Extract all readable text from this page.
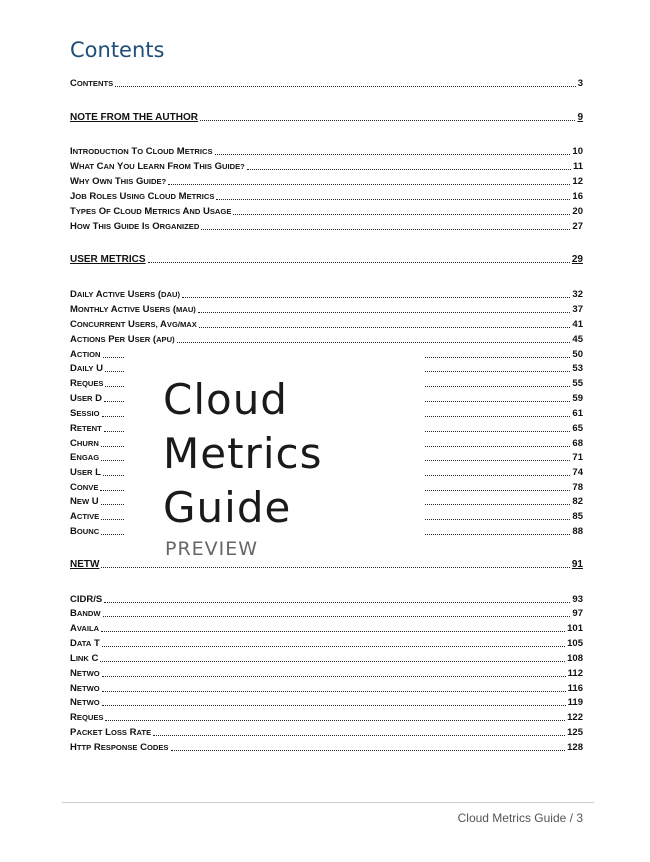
Contents
CONTENTS	3
NOTE FROM THE AUTHOR	9
INTRODUCTION TO CLOUD METRICS	10
WHAT CAN YOU LEARN FROM THIS GUIDE?	11
WHY OWN THIS GUIDE?	12
JOB ROLES USING CLOUD METRICS	16
TYPES OF CLOUD METRICS AND USAGE	20
HOW THIS GUIDE IS ORGANIZED	27
USER METRICS	29
DAILY ACTIVE USERS (DAU)	32
MONTHLY ACTIVE USERS (MAU)	37
CONCURRENT USERS, AVG/MAX	41
ACTIONS PER USER (APU)	45
ACTION	50
DAILY U	53
REQUES	55
USER D	59
SESSIO	61
RETENT	65
CHURN	68
ENGAG	71
USER L	74
CONVE	78
NEW U	82
ACTIVE	85
BOUNC	88
NETW	91
CIDR/S	93
BANDW	97
AVAILA	101
DATA T	105
LINK C	108
NETWO	112
NETWO	116
NETWO	119
REQUES	122
PACKET LOSS RATE	125
HTTP RESPONSE CODES	128
Cloud
Metrics
Guide
PREVIEW
Cloud Metrics Guide / 3
